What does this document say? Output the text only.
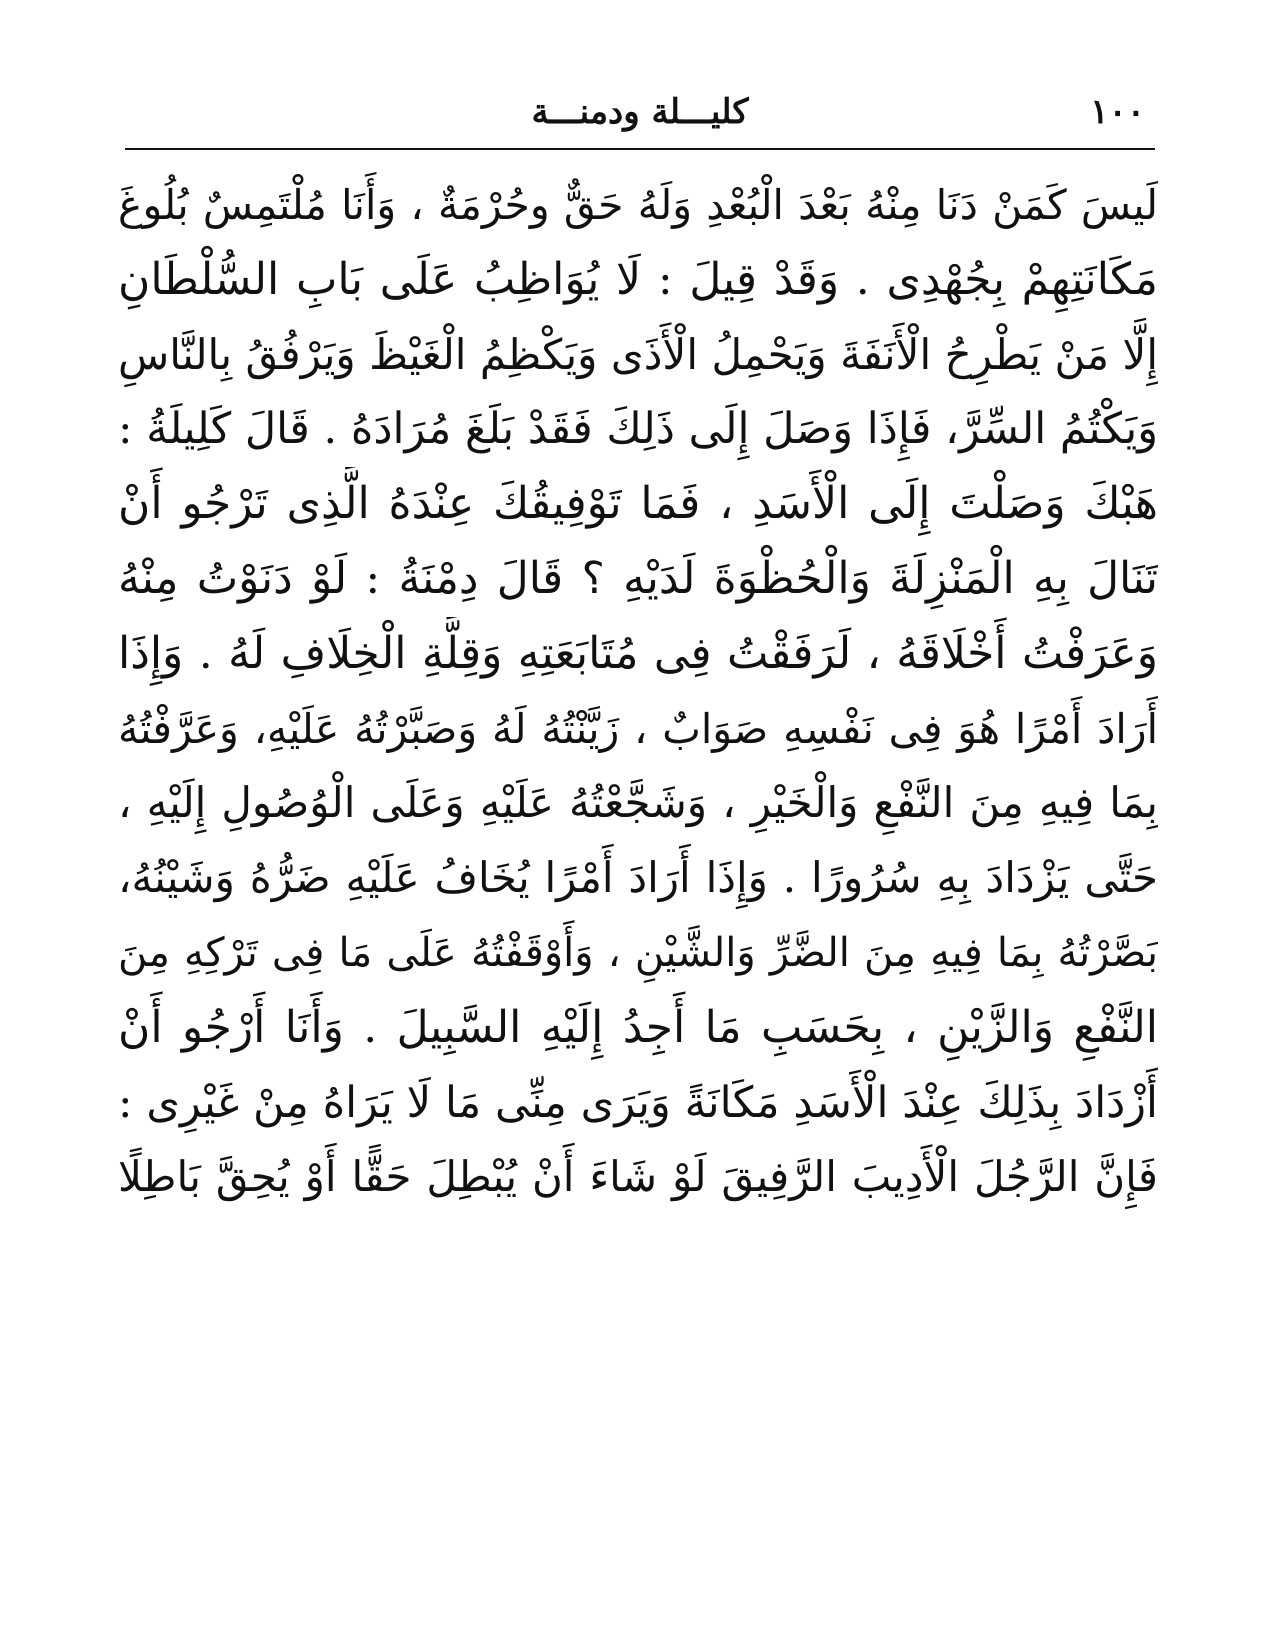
١٠٠
كليـــلة ودمنـــة
لَيسَ كَمَنْ دَنَا مِنْهُ بَعْدَ الْبُعْدِ وَلَهُ حَقٌّ وحُرْمَةٌ ، وَأَنَا مُلْتَمِسٌ بُلُوغَ
مَكَانَتِهِمْ بِجُهْدِى . وَقَدْ قِيلَ : لَا يُوَاظِبُ عَلَى بَابِ السُّلْطَانِ
إِلَّا مَنْ يَطْرِحُ الْأَنَفَةَ وَيَحْمِلُ الْأَذَى وَيَكْظِمُ الْغَيْظَ وَيَرْفُقُ بِالنَّاسِ
وَيَكْتُمُ السِّرَّ، فَإِذَا وَصَلَ إِلَى ذَلِكَ فَقَدْ بَلَغَ مُرَادَهُ . قَالَ كَلِيلَةُ :
هَبْكَ وَصَلْتَ إِلَى الْأَسَدِ ، فَمَا تَوْفِيقُكَ عِنْدَهُ الَّذِى تَرْجُو أَنْ
تَنَالَ بِهِ الْمَنْزِلَةَ وَالْحُظْوَةَ لَدَيْهِ ؟ قَالَ دِمْنَةُ : لَوْ دَنَوْتُ مِنْهُ
وَعَرَفْتُ أَخْلَاقَهُ ، لَرَفَقْتُ فِى مُتَابَعَتِهِ وَقِلَّةِ الْخِلَافِ لَهُ . وَإِذَا
أَرَادَ أَمْرًا هُوَ فِى نَفْسِهِ صَوَابٌ ، زَيَّنْتُهُ لَهُ وَصَبَّرْتُهُ عَلَيْهِ، وَعَرَّفْتُهُ
بِمَا فِيهِ مِنَ النَّفْعِ وَالْخَيْرِ ، وَشَجَّعْتُهُ عَلَيْهِ وَعَلَى الْوُصُولِ إِلَيْهِ ،
حَتَّى يَزْدَادَ بِهِ سُرُورًا . وَإِذَا أَرَادَ أَمْرًا يُخَافُ عَلَيْهِ ضَرُّهُ وَشَيْنُهُ،
بَصَّرْتُهُ بِمَا فِيهِ مِنَ الضَّرِّ وَالشَّيْنِ ، وَأَوْقَفْتُهُ عَلَى مَا فِى تَرْكِهِ مِنَ
النَّفْعِ وَالزَّيْنِ ، بِحَسَبِ مَا أَجِدُ إِلَيْهِ السَّبِيلَ . وَأَنَا أَرْجُو أَنْ
أَزْدَادَ بِذَلِكَ عِنْدَ الْأَسَدِ مَكَانَةً وَيَرَى مِنِّى مَا لَا يَرَاهُ مِنْ غَيْرِى :
فَإِنَّ الرَّجُلَ الْأَدِيبَ الرَّفِيقَ لَوْ شَاءَ أَنْ يُبْطِلَ حَقًّا أَوْ يُحِقَّ بَاطِلًا
